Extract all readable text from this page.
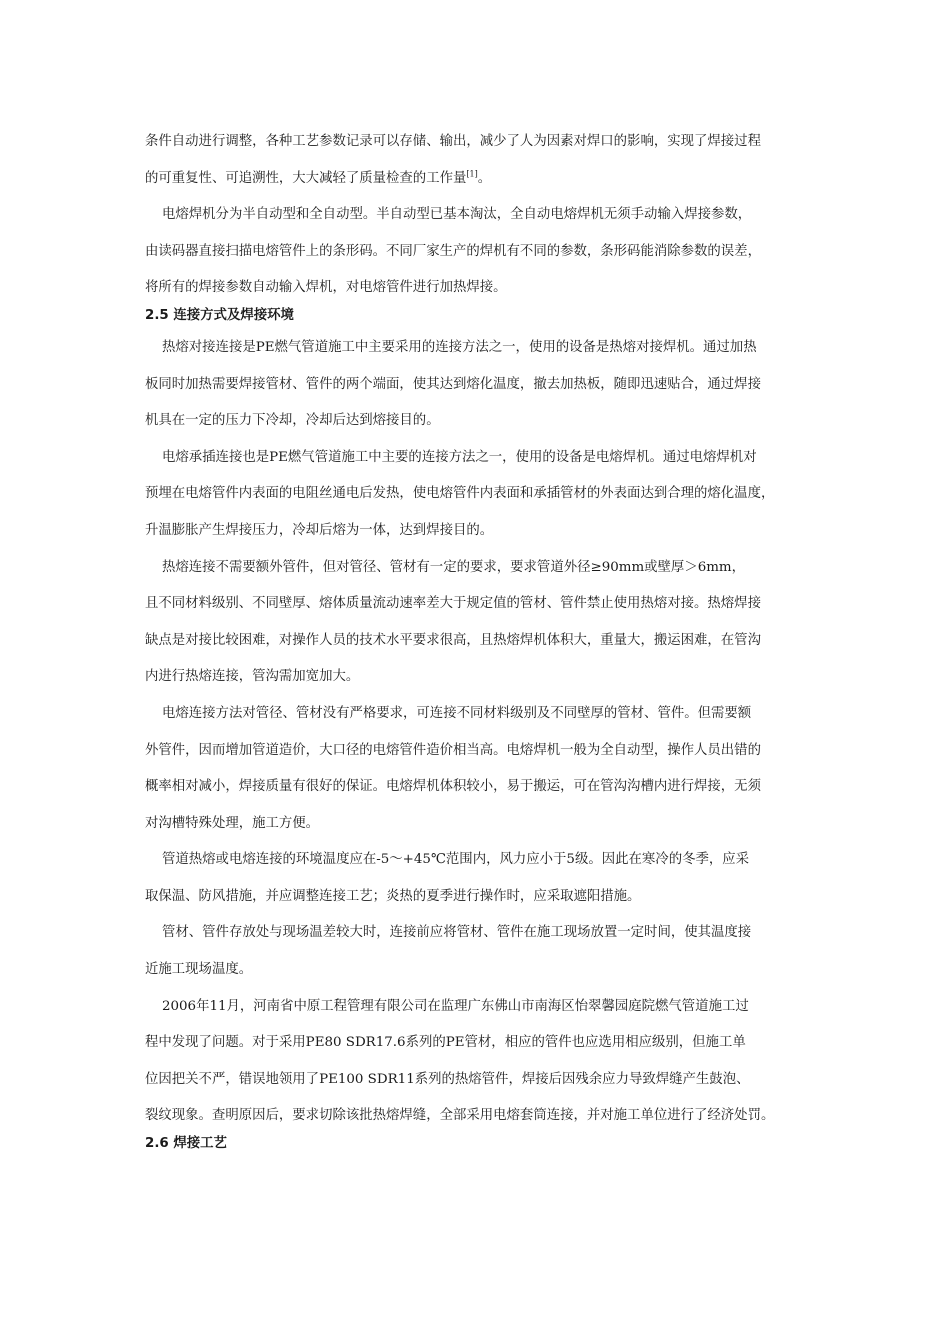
条件自动进行调整，各种工艺参数记录可以存储、输出，减少了人为因素对焊口的影响，实现了焊接过程
的可重复性、可追溯性，大大减轻了质量检查的工作量[1]。
电熔焊机分为半自动型和全自动型。半自动型已基本淘汰，全自动电熔焊机无须手动输入焊接参数，
由读码器直接扫描电熔管件上的条形码。不同厂家生产的焊机有不同的参数，条形码能消除参数的误差，
将所有的焊接参数自动输入焊机，对电熔管件进行加热焊接。
2.5 连接方式及焊接环境
热熔对接连接是PE燃气管道施工中主要采用的连接方法之一，使用的设备是热熔对接焊机。通过加热
板同时加热需要焊接管材、管件的两个端面，使其达到熔化温度，撤去加热板，随即迅速贴合，通过焊接
机具在一定的压力下冷却，冷却后达到熔接目的。
电熔承插连接也是PE燃气管道施工中主要的连接方法之一，使用的设备是电熔焊机。通过电熔焊机对
预埋在电熔管件内表面的电阻丝通电后发热，使电熔管件内表面和承插管材的外表面达到合理的熔化温度，
升温膨胀产生焊接压力，冷却后熔为一体，达到焊接目的。
热熔连接不需要额外管件，但对管径、管材有一定的要求，要求管道外径≥90mm或壁厚＞6mm，
且不同材料级别、不同壁厚、熔体质量流动速率差大于规定值的管材、管件禁止使用热熔对接。热熔焊接
缺点是对接比较困难，对操作人员的技术水平要求很高，且热熔焊机体积大，重量大，搬运困难，在管沟
内进行热熔连接，管沟需加宽加大。
电熔连接方法对管径、管材没有严格要求，可连接不同材料级别及不同壁厚的管材、管件。但需要额
外管件，因而增加管道造价，大口径的电熔管件造价相当高。电熔焊机一般为全自动型，操作人员出错的
概率相对减小，焊接质量有很好的保证。电熔焊机体积较小，易于搬运，可在管沟沟槽内进行焊接，无须
对沟槽特殊处理，施工方便。
管道热熔或电熔连接的环境温度应在-5～+45℃范围内，风力应小于5级。因此在寒冷的冬季，应采
取保温、防风措施，并应调整连接工艺；炎热的夏季进行操作时，应采取遮阳措施。
管材、管件存放处与现场温差较大时，连接前应将管材、管件在施工现场放置一定时间，使其温度接
近施工现场温度。
2006年11月，河南省中原工程管理有限公司在监理广东佛山市南海区怡翠馨园庭院燃气管道施工过
程中发现了问题。对于采用PE80 SDR17.6系列的PE管材，相应的管件也应选用相应级别，但施工单
位因把关不严，错误地领用了PE100 SDR11系列的热熔管件，焊接后因残余应力导致焊缝产生鼓泡、
裂纹现象。查明原因后，要求切除该批热熔焊缝，全部采用电熔套筒连接，并对施工单位进行了经济处罚。
2.6 焊接工艺
